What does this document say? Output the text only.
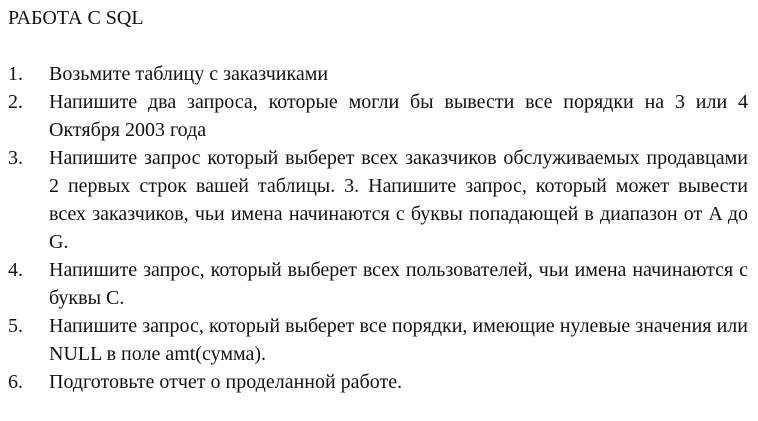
РАБОТА С SQL
1. Возьмите таблицу с заказчиками
2. Напишите два запроса, которые могли бы вывести все порядки на 3 или 4 Октября 2003 года
3. Напишите запрос который выберет всех заказчиков обслуживаемых продавцами 2 первых строк вашей таблицы. 3. Напишите запрос, который может вывести всех заказчиков, чьи имена начинаются с буквы попадающей в диапазон от A до G.
4. Напишите запрос, который выберет всех пользователей, чьи имена начинаются с буквы C.
5. Напишите запрос, который выберет все порядки, имеющие нулевые значения или NULL в поле amt(сумма).
6. Подготовьте отчет о проделанной работе.
